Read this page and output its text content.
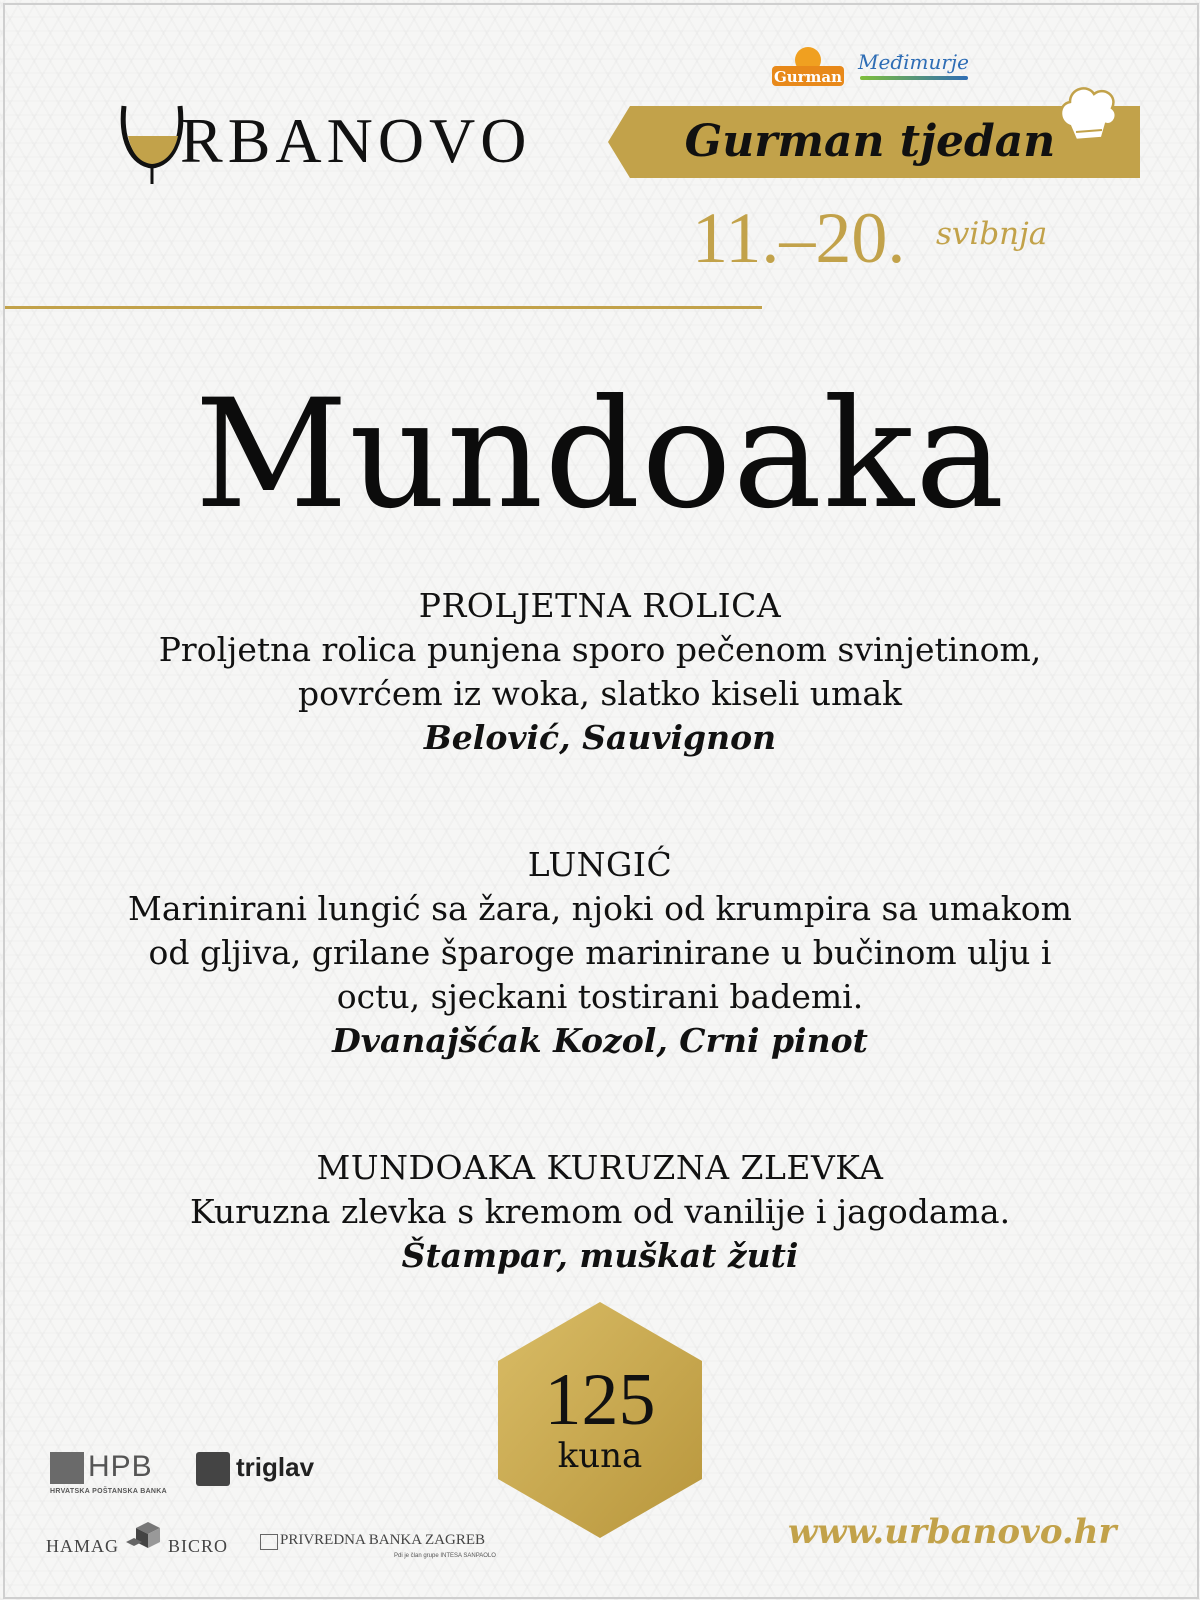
RBANOVO
Gurman
Međimurje
Gurman tjedan
11.–20. svibnja
Mundoaka
PROLJETNA ROLICA
Proljetna rolica punjena sporo pečenom svinjetinom,
povrćem iz woka, slatko kiseli umak
Belović, Sauvignon
LUNGIĆ
Marinirani lungić sa žara, njoki od krumpira sa umakom
od gljiva, grilane šparoge marinirane u bučinom ulju i
octu, sjeckani tostirani bademi.
Dvanajšćak Kozol, Crni pinot
MUNDOAKA KURUZNA ZLEVKA
Kuruzna zlevka s kremom od vanilije i jagodama.
Štampar, muškat žuti
125
kuna
www.urbanovo.hr
HPB
HRVATSKA POŠTANSKA BANKA
triglav
HAMAG	BICRO	PRIVREDNA BANKA ZAGREB
Pdi je član grupe INTESA SANPAOLO
